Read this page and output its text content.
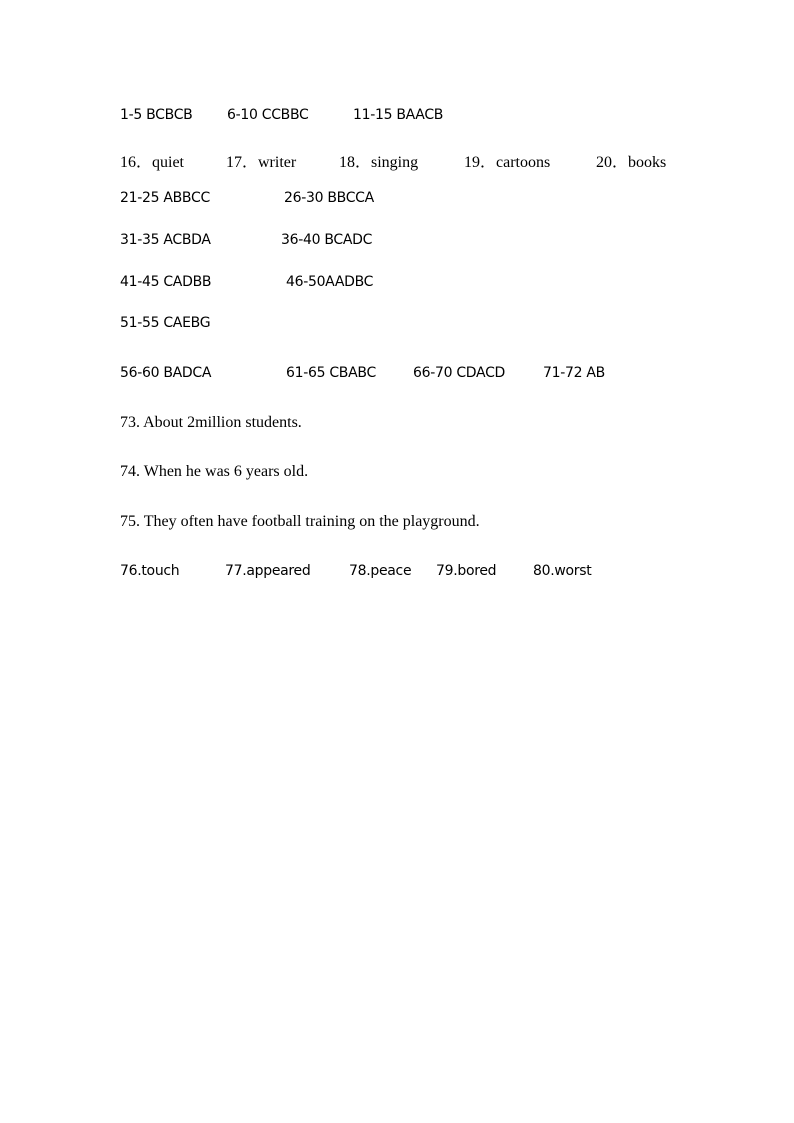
1-5 BCBCB 6-10 CCBBC	11-15 BAACB
16．quiet	17．writer	18．singing	19．cartoons	20．books
21-25 ABBCC	26-30 BBCCA
31-35 ACBDA	36-40 BCADC
41-45 CADBB	46-50AADBC
51-55 CAEBG
56-60 BADCA	61-65 CBABC	66-70 CDACD	71-72 AB
73. About 2million students.
74. When he was 6 years old.
75. They often have football training on the playground.
76.touch	77.appeared	78.peace 79.bored	80.worst
